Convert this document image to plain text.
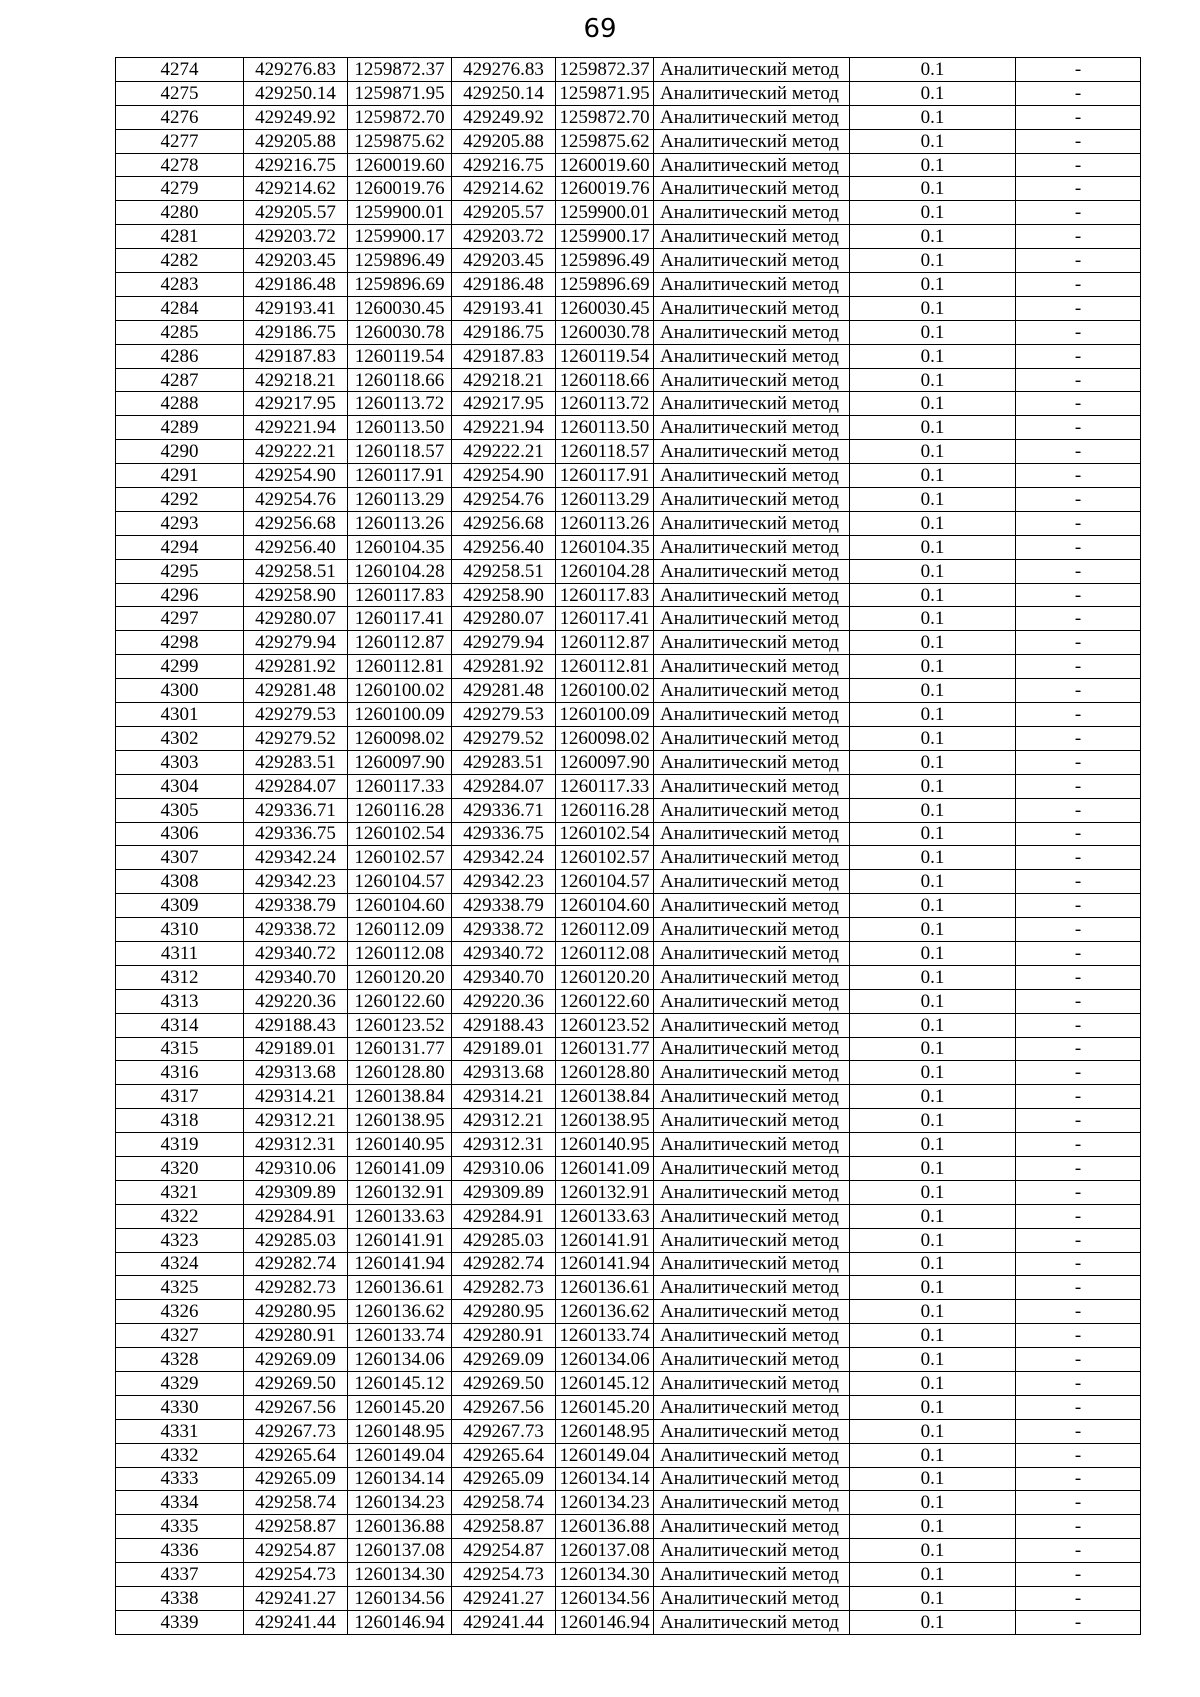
69
4274	429276.83	1259872.37	429276.83	1259872.37	Аналитический метод	0.1	-
4275	429250.14	1259871.95	429250.14	1259871.95	Аналитический метод	0.1	-
4276	429249.92	1259872.70	429249.92	1259872.70	Аналитический метод	0.1	-
4277	429205.88	1259875.62	429205.88	1259875.62	Аналитический метод	0.1	-
4278	429216.75	1260019.60	429216.75	1260019.60	Аналитический метод	0.1	-
4279	429214.62	1260019.76	429214.62	1260019.76	Аналитический метод	0.1	-
4280	429205.57	1259900.01	429205.57	1259900.01	Аналитический метод	0.1	-
4281	429203.72	1259900.17	429203.72	1259900.17	Аналитический метод	0.1	-
4282	429203.45	1259896.49	429203.45	1259896.49	Аналитический метод	0.1	-
4283	429186.48	1259896.69	429186.48	1259896.69	Аналитический метод	0.1	-
4284	429193.41	1260030.45	429193.41	1260030.45	Аналитический метод	0.1	-
4285	429186.75	1260030.78	429186.75	1260030.78	Аналитический метод	0.1	-
4286	429187.83	1260119.54	429187.83	1260119.54	Аналитический метод	0.1	-
4287	429218.21	1260118.66	429218.21	1260118.66	Аналитический метод	0.1	-
4288	429217.95	1260113.72	429217.95	1260113.72	Аналитический метод	0.1	-
4289	429221.94	1260113.50	429221.94	1260113.50	Аналитический метод	0.1	-
4290	429222.21	1260118.57	429222.21	1260118.57	Аналитический метод	0.1	-
4291	429254.90	1260117.91	429254.90	1260117.91	Аналитический метод	0.1	-
4292	429254.76	1260113.29	429254.76	1260113.29	Аналитический метод	0.1	-
4293	429256.68	1260113.26	429256.68	1260113.26	Аналитический метод	0.1	-
4294	429256.40	1260104.35	429256.40	1260104.35	Аналитический метод	0.1	-
4295	429258.51	1260104.28	429258.51	1260104.28	Аналитический метод	0.1	-
4296	429258.90	1260117.83	429258.90	1260117.83	Аналитический метод	0.1	-
4297	429280.07	1260117.41	429280.07	1260117.41	Аналитический метод	0.1	-
4298	429279.94	1260112.87	429279.94	1260112.87	Аналитический метод	0.1	-
4299	429281.92	1260112.81	429281.92	1260112.81	Аналитический метод	0.1	-
4300	429281.48	1260100.02	429281.48	1260100.02	Аналитический метод	0.1	-
4301	429279.53	1260100.09	429279.53	1260100.09	Аналитический метод	0.1	-
4302	429279.52	1260098.02	429279.52	1260098.02	Аналитический метод	0.1	-
4303	429283.51	1260097.90	429283.51	1260097.90	Аналитический метод	0.1	-
4304	429284.07	1260117.33	429284.07	1260117.33	Аналитический метод	0.1	-
4305	429336.71	1260116.28	429336.71	1260116.28	Аналитический метод	0.1	-
4306	429336.75	1260102.54	429336.75	1260102.54	Аналитический метод	0.1	-
4307	429342.24	1260102.57	429342.24	1260102.57	Аналитический метод	0.1	-
4308	429342.23	1260104.57	429342.23	1260104.57	Аналитический метод	0.1	-
4309	429338.79	1260104.60	429338.79	1260104.60	Аналитический метод	0.1	-
4310	429338.72	1260112.09	429338.72	1260112.09	Аналитический метод	0.1	-
4311	429340.72	1260112.08	429340.72	1260112.08	Аналитический метод	0.1	-
4312	429340.70	1260120.20	429340.70	1260120.20	Аналитический метод	0.1	-
4313	429220.36	1260122.60	429220.36	1260122.60	Аналитический метод	0.1	-
4314	429188.43	1260123.52	429188.43	1260123.52	Аналитический метод	0.1	-
4315	429189.01	1260131.77	429189.01	1260131.77	Аналитический метод	0.1	-
4316	429313.68	1260128.80	429313.68	1260128.80	Аналитический метод	0.1	-
4317	429314.21	1260138.84	429314.21	1260138.84	Аналитический метод	0.1	-
4318	429312.21	1260138.95	429312.21	1260138.95	Аналитический метод	0.1	-
4319	429312.31	1260140.95	429312.31	1260140.95	Аналитический метод	0.1	-
4320	429310.06	1260141.09	429310.06	1260141.09	Аналитический метод	0.1	-
4321	429309.89	1260132.91	429309.89	1260132.91	Аналитический метод	0.1	-
4322	429284.91	1260133.63	429284.91	1260133.63	Аналитический метод	0.1	-
4323	429285.03	1260141.91	429285.03	1260141.91	Аналитический метод	0.1	-
4324	429282.74	1260141.94	429282.74	1260141.94	Аналитический метод	0.1	-
4325	429282.73	1260136.61	429282.73	1260136.61	Аналитический метод	0.1	-
4326	429280.95	1260136.62	429280.95	1260136.62	Аналитический метод	0.1	-
4327	429280.91	1260133.74	429280.91	1260133.74	Аналитический метод	0.1	-
4328	429269.09	1260134.06	429269.09	1260134.06	Аналитический метод	0.1	-
4329	429269.50	1260145.12	429269.50	1260145.12	Аналитический метод	0.1	-
4330	429267.56	1260145.20	429267.56	1260145.20	Аналитический метод	0.1	-
4331	429267.73	1260148.95	429267.73	1260148.95	Аналитический метод	0.1	-
4332	429265.64	1260149.04	429265.64	1260149.04	Аналитический метод	0.1	-
4333	429265.09	1260134.14	429265.09	1260134.14	Аналитический метод	0.1	-
4334	429258.74	1260134.23	429258.74	1260134.23	Аналитический метод	0.1	-
4335	429258.87	1260136.88	429258.87	1260136.88	Аналитический метод	0.1	-
4336	429254.87	1260137.08	429254.87	1260137.08	Аналитический метод	0.1	-
4337	429254.73	1260134.30	429254.73	1260134.30	Аналитический метод	0.1	-
4338	429241.27	1260134.56	429241.27	1260134.56	Аналитический метод	0.1	-
4339	429241.44	1260146.94	429241.44	1260146.94	Аналитический метод	0.1	-
